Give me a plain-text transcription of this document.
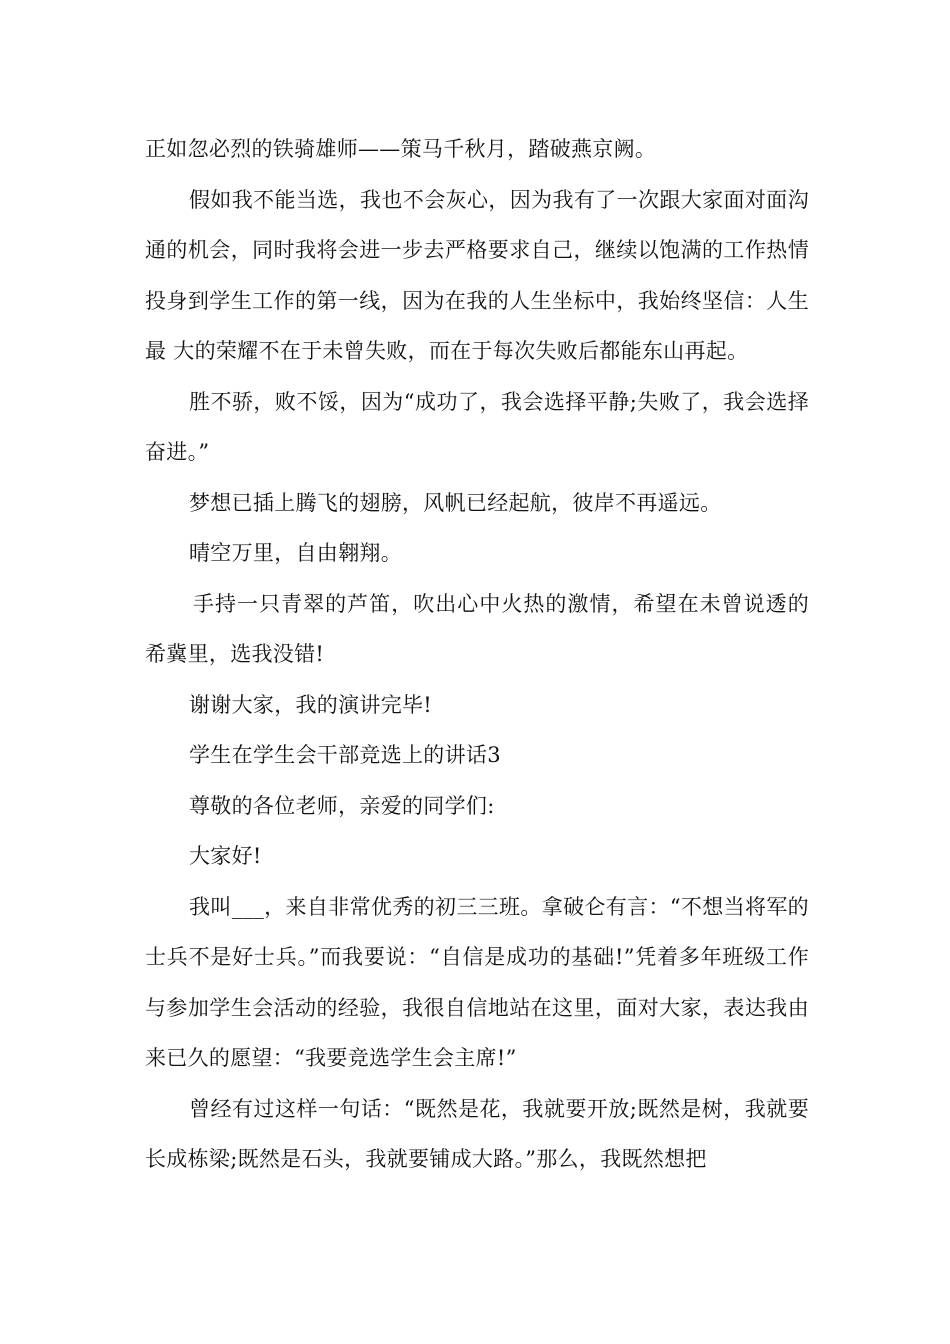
正如忽必烈的铁骑雄师——策马千秋月，踏破燕京阙。

假如我不能当选，我也不会灰心，因为我有了一次跟大家面对面沟通的机会，同时我将会进一步去严格要求自己，继续以饱满的工作热情投身到学生工作的第一线，因为在我的人生坐标中，我始终坚信：人生最 大的荣耀不在于未曾失败，而在于每次失败后都能东山再起。

胜不骄，败不馁，因为“成功了，我会选择平静;失败了，我会选择奋进。”

梦想已插上腾飞的翅膀，风帆已经起航，彼岸不再遥远。

晴空万里，自由翱翔。

手持一只青翠的芦笛，吹出心中火热的激情，希望在未曾说透的希冀里，选我没错!

谢谢大家，我的演讲完毕!

学生在学生会干部竞选上的讲话3

尊敬的各位老师，亲爱的同学们:

大家好!

我叫___，来自非常优秀的初三三班。拿破仑有言：“不想当将军的士兵不是好士兵。”而我要说：“自信是成功的基础!”凭着多年班级工作与参加学生会活动的经验，我很自信地站在这里，面对大家，表达我由来已久的愿望：“我要竞选学生会主席!”

曾经有过这样一句话：“既然是花，我就要开放;既然是树，我就要长成栋梁;既然是石头，我就要铺成大路。”那么，我既然想把
